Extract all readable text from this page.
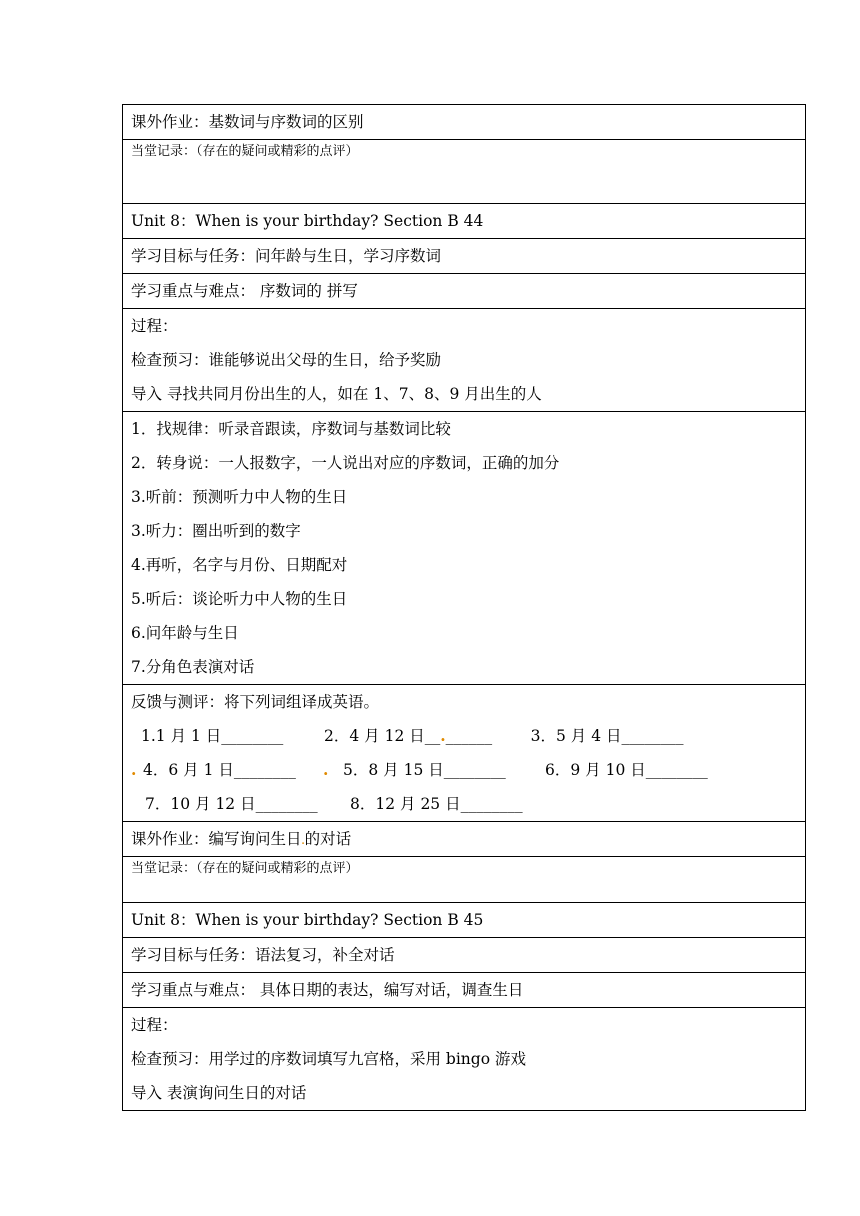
课外作业：基数词与序数词的区别
当堂记录：（存在的疑问或精彩的点评）
Unit 8：When is your birthday? Section B 44
学习目标与任务：问年龄与生日，学习序数词
学习重点与难点： 序数词的 拼写
过程：
检查预习：谁能够说出父母的生日，给予奖励
导入 寻找共同月份出生的人，如在 1、7、8、9 月出生的人
1．找规律：听录音跟读，序数词与基数词比较
2．转身说：一人报数字，一人说出对应的序数词，正确的加分
3.听前：预测听力中人物的生日
3.听力：圈出听到的数字
4.再听，名字与月份、日期配对
5.听后：谈论听力中人物的生日
6.问年龄与生日
7.分角色表演对话
反馈与测评：将下列词组译成英语。
1.1 月 1 日________	2．4 月 12 日__ . ______	3．5 月 4 日________
. 4．6 月 1 日________	. 5．8 月 15 日________	6．9 月 10 日________
7．10 月 12 日________	8．12 月 25 日________
课外作业：编写询问生日.的对话
当堂记录：（存在的疑问或精彩的点评）
Unit 8：When is your birthday? Section B 45
学习目标与任务：语法复习，补全对话
学习重点与难点： 具体日期的表达，编写对话，调查生日
过程：
检查预习：用学过的序数词填写九宫格，采用 bingo 游戏
导入 表演询问生日的对话
